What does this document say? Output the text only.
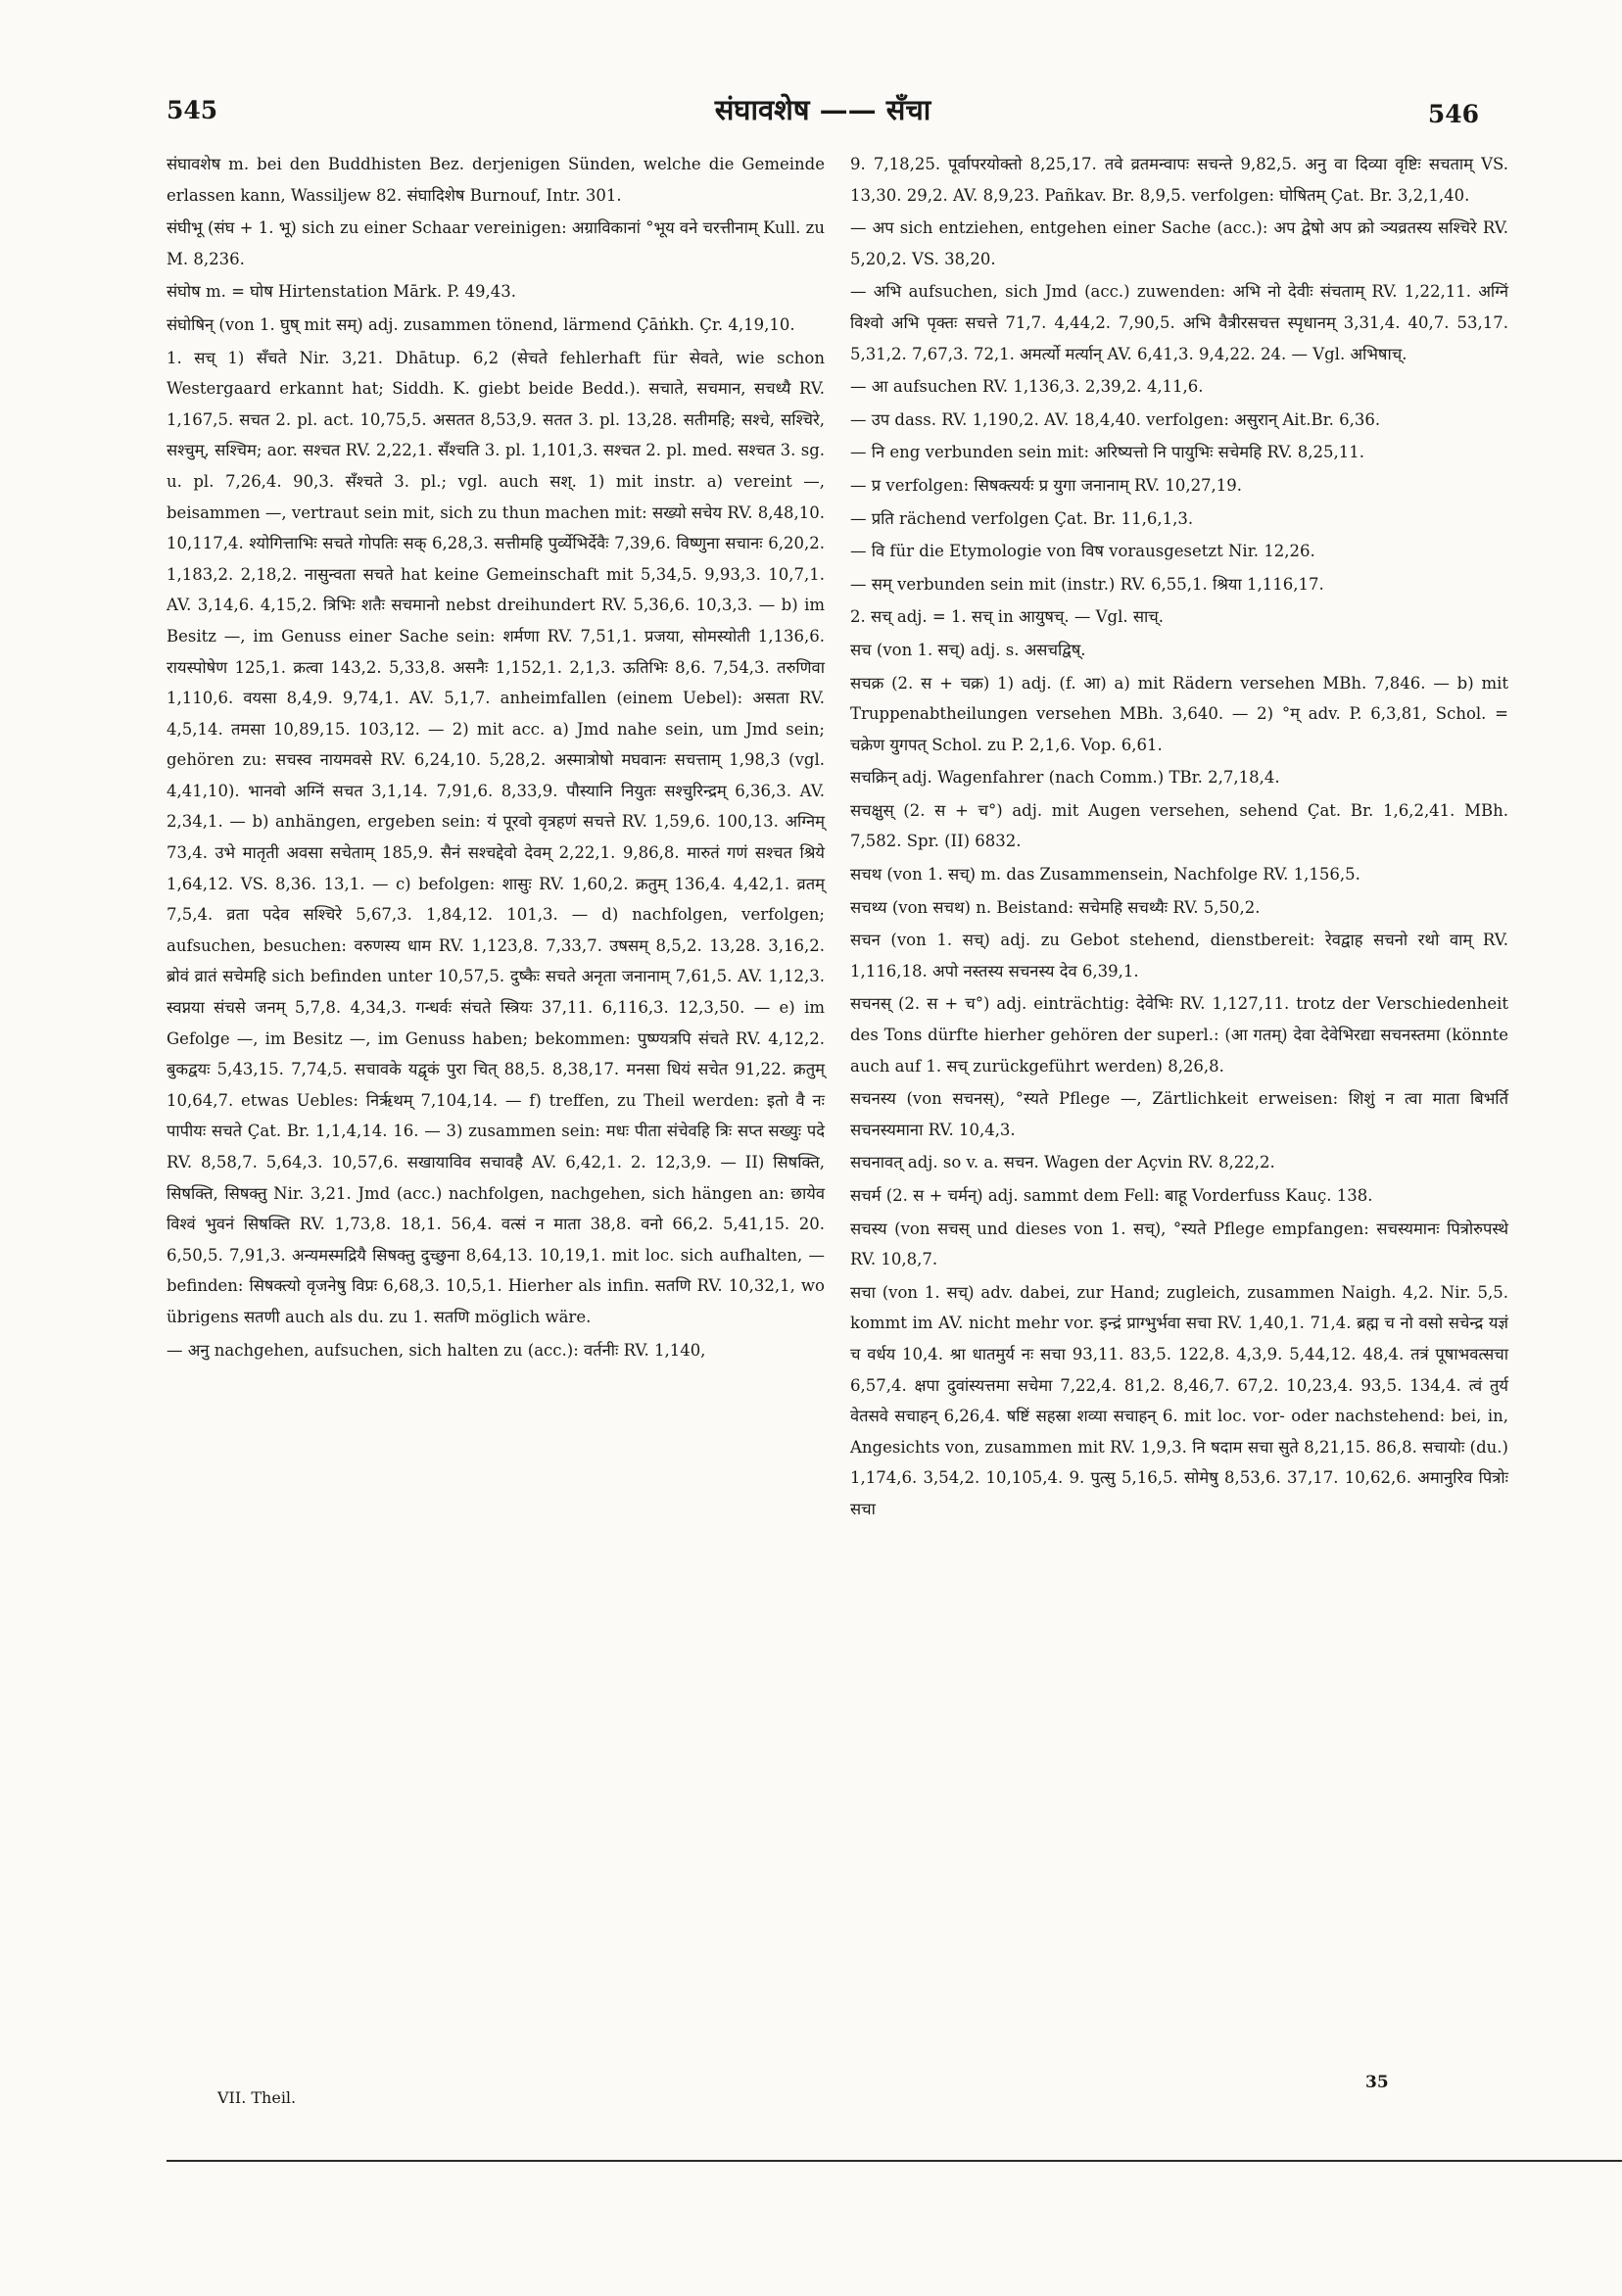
545	संघावशेष —— सँचा	546

संघावशेष m. bei den Buddhisten Bez. derjenigen Sünden, welche die Gemeinde erlassen kann, Wassiljew 82. संघादिशेष Burnouf, Intr. 301.

संघीभू (संघ + 1. भू) sich zu einer Schaar vereinigen: अग्राविकानां °भूय वने चरत्तीनाम् Kull. zu M. 8,236.

संघोष m. = घोष Hirtenstation Mārk. P. 49,43.

संघोषिन् (von 1. घुष् mit सम्) adj. zusammen tönend, lärmend Çāṅkh. Çr. 4,19,10.

1. सच् 1) सँचते Nir. 3,21. Dhātup. 6,2 (सेचते fehlerhaft für सेवते, wie schon Westergaard erkannt hat; Siddh. K. giebt beide Bedd.). सचाते, सचमान, सचध्यै RV. 1,167,5. सचत 2. pl. act. 10,75,5. असतत 8,53,9. सतत 3. pl. 13,28. सतीमहि; सश्चे, सश्चिरे, सश्चुम्, सश्चिम; aor. सश्चत RV. 2,22,1. सँश्चति 3. pl. 1,101,3. सश्चत 2. pl. med. सश्चत 3. sg. u. pl. 7,26,4. 90,3. सँश्चते 3. pl.; vgl. auch सश्. 1) mit instr. a) vereint —, beisammen —, vertraut sein mit, sich zu thun machen mit: सख्यो सचेय RV. 8,48,10. 10,117,4. श्योगित्ताभिः सचते गोपतिः सक् 6,28,3. सत्तीमहि पुर्व्येभिर्देवैः 7,39,6. विष्णुना सचानः 6,20,2. 1,183,2. 2,18,2. नासुन्वता सचते hat keine Gemeinschaft mit 5,34,5. 9,93,3. 10,7,1. AV. 3,14,6. 4,15,2. त्रिभिः शतैः सचमानो nebst dreihundert RV. 5,36,6. 10,3,3. — b) im Besitz —, im Genuss einer Sache sein: शर्मणा RV. 7,51,1. प्रजया, सोमस्योती 1,136,6. रायस्पोषेण 125,1. क्रत्वा 143,2. 5,33,8. असनैः 1,152,1. 2,1,3. ऊतिभिः 8,6. 7,54,3. तरुणिवा 1,110,6. वयसा 8,4,9. 9,74,1. AV. 5,1,7. anheimfallen (einem Uebel): असता RV. 4,5,14. तमसा 10,89,15. 103,12. — 2) mit acc. a) Jmd nahe sein, um Jmd sein; gehören zu: सचस्व नायमवसे RV. 6,24,10. 5,28,2. अस्मात्रोषो मघवानः सचत्ताम् 1,98,3 (vgl. 4,41,10). भानवो अग्निं सचत 3,1,14. 7,91,6. 8,33,9. पौस्यानि नियुतः सश्चुरिन्द्रम् 6,36,3. AV. 2,34,1. — b) anhängen, ergeben sein: यं पूरवो वृत्रहणं सचत्ते RV. 1,59,6. 100,13. अग्निम् 73,4. उभे मातृती अवसा सचेताम् 185,9. सैनं सश्चद्देवो देवम् 2,22,1. 9,86,8. मारुतं गणं सश्चत श्रिये 1,64,12. VS. 8,36. 13,1. — c) befolgen: शासुः RV. 1,60,2. क्रतुम् 136,4. 4,42,1. व्रतम् 7,5,4. व्रता पदेव सश्चिरे 5,67,3. 1,84,12. 101,3. — d) nachfolgen, verfolgen; aufsuchen, besuchen: वरुणस्य धाम RV. 1,123,8. 7,33,7. उषसम् 8,5,2. 13,28. 3,16,2. ब्रोवं व्रातं सचेमहि sich befinden unter 10,57,5. दुष्कैः सचते अनृता जनानाम् 7,61,5. AV. 1,12,3. स्वप्नया संचसे जनम् 5,7,8. 4,34,3. गन्धर्वः संचते स्त्रियः 37,11. 6,116,3. 12,3,50. — e) im Gefolge —, im Besitz —, im Genuss haben; bekommen: पुष्ण्यत्रपि संचते RV. 4,12,2. बुकद्वयः 5,43,15. 7,74,5. सचावके यद्वृकं पुरा चित् 88,5. 8,38,17. मनसा धियं सचेत 91,22. क्रतुम् 10,64,7. etwas Uebles: निर्ऋथम् 7,104,14. — f) treffen, zu Theil werden: इतो वै नः पापीयः सचते Çat. Br. 1,1,4,14. 16. — 3) zusammen sein: मधः पीता संचेवहि त्रिः सप्त सख्युः पदे RV. 8,58,7. 5,64,3. 10,57,6. सखायाविव सचावहै AV. 6,42,1. 2. 12,3,9. — II) सिषक्ति, सिषक्ति, सिषक्तु Nir. 3,21. Jmd (acc.) nachfolgen, nachgehen, sich hängen an: छायेव विश्वं भुवनं सिषक्ति RV. 1,73,8. 18,1. 56,4. वत्सं न माता 38,8. वनो 66,2. 5,41,15. 20. 6,50,5. 7,91,3. अन्यमस्मद्रियै सिषक्तु दुच्छुना 8,64,13. 10,19,1. mit loc. sich aufhalten, — befinden: सिषक्त्यो वृजनेषु विप्रः 6,68,3. 10,5,1. Hierher als infin. सतणि RV. 10,32,1, wo übrigens सतणी auch als du. zu 1. सतणि möglich wäre.

— अनु nachgehen, aufsuchen, sich halten zu (acc.): वर्तनीः RV. 1,140,

9. 7,18,25. पूर्वापरयोक्तो 8,25,17. तवे व्रतमन्वापः सचन्ते 9,82,5. अनु वा दिव्या वृष्टिः सचताम् VS. 13,30. 29,2. AV. 8,9,23. Pañkav. Br. 8,9,5. verfolgen: घोषितम् Çat. Br. 3,2,1,40.

— अप sich entziehen, entgehen einer Sache (acc.): अप द्वेषो अप क्रो ञ्यव्रतस्य सश्चिरे RV. 5,20,2. VS. 38,20.

— अभि aufsuchen, sich Jmd (acc.) zuwenden: अभि नो देवीः संचताम् RV. 1,22,11. अग्निं विश्वो अभि पृक्तः सचत्ते 71,7. 4,44,2. 7,90,5. अभि वैत्रीरसचत्त स्पृधानम् 3,31,4. 40,7. 53,17. 5,31,2. 7,67,3. 72,1. अमर्त्यो मर्त्यान् AV. 6,41,3. 9,4,22. 24. — Vgl. अभिषाच्.

— आ aufsuchen RV. 1,136,3. 2,39,2. 4,11,6.

— उप dass. RV. 1,190,2. AV. 18,4,40. verfolgen: असुरान् Ait.Br. 6,36.

— नि eng verbunden sein mit: अरिष्यत्तो नि पायुभिः सचेमहि RV. 8,25,11.

— प्र verfolgen: सिषक्त्यर्यः प्र युगा जनानाम् RV. 10,27,19.

— प्रति rächend verfolgen Çat. Br. 11,6,1,3.

— वि für die Etymologie von विष vorausgesetzt Nir. 12,26.

— सम् verbunden sein mit (instr.) RV. 6,55,1. श्रिया 1,116,17.

2. सच् adj. = 1. सच् in आयुषच्. — Vgl. साच्.

सच (von 1. सच्) adj. s. असचद्विष्.

सचक्र (2. स + चक्र) 1) adj. (f. आ) a) mit Rädern versehen MBh. 7,846. — b) mit Truppenabtheilungen versehen MBh. 3,640. — 2) °म् adv. P. 6,3,81, Schol. = चक्रेण युगपत् Schol. zu P. 2,1,6. Vop. 6,61.

सचक्रिन् adj. Wagenfahrer (nach Comm.) TBr. 2,7,18,4.

सचक्षुस् (2. स + च°) adj. mit Augen versehen, sehend Çat. Br. 1,6,2,41. MBh. 7,582. Spr. (II) 6832.

सचथ (von 1. सच्) m. das Zusammensein, Nachfolge RV. 1,156,5.

सचथ्य (von सचथ) n. Beistand: सचेमहि सचथ्यैः RV. 5,50,2.

सचन (von 1. सच्) adj. zu Gebot stehend, dienstbereit: रेवद्वाह सचनो रथो वाम् RV. 1,116,18. अपो नस्तस्य सचनस्य देव 6,39,1.

सचनस् (2. स + च°) adj. einträchtig: देवेभिः RV. 1,127,11. trotz der Verschiedenheit des Tons dürfte hierher gehören der superl.: (आ गतम्) देवा देवेभिरद्या सचनस्तमा (könnte auch auf 1. सच् zurückgeführt werden) 8,26,8.

सचनस्य (von सचनस्), °स्यते Pflege —, Zärtlichkeit erweisen: शिशुं न त्वा माता बिभर्ति सचनस्यमाना RV. 10,4,3.

सचनावत् adj. so v. a. सचन. Wagen der Açvin RV. 8,22,2.

सचर्म (2. स + चर्मन्) adj. sammt dem Fell: बाहू Vorderfuss Kauç. 138.

सचस्य (von सचस् und dieses von 1. सच्), °स्यते Pflege empfangen: सचस्यमानः पित्रोरुपस्थे RV. 10,8,7.

सचा (von 1. सच्) adv. dabei, zur Hand; zugleich, zusammen Naigh. 4,2. Nir. 5,5. kommt im AV. nicht mehr vor. इन्द्रं प्राग्भुर्भवा सचा RV. 1,40,1. 71,4. ब्रह्म च नो वसो सचेन्द्र यज्ञं च वर्धय 10,4. श्रा धातमुर्य नः सचा 93,11. 83,5. 122,8. 4,3,9. 5,44,12. 48,4. तत्रं पूषाभवत्सचा 6,57,4. क्षपा दुवांस्यत्तमा सचेमा 7,22,4. 81,2. 8,46,7. 67,2. 10,23,4. 93,5. 134,4. त्वं तुर्य वेतसवे सचाहन् 6,26,4. षष्टिं सहस्रा शव्या सचाहन् 6. mit loc. vor- oder nachstehend: bei, in, Angesichts von, zusammen mit RV. 1,9,3. नि षदाम सचा सुते 8,21,15. 86,8. सचायोः (du.) 1,174,6. 3,54,2. 10,105,4. 9. पुत्सु 5,16,5. सोमेषु 8,53,6. 37,17. 10,62,6. अमानुरिव पित्रोः सचा

VII. Theil.
35
